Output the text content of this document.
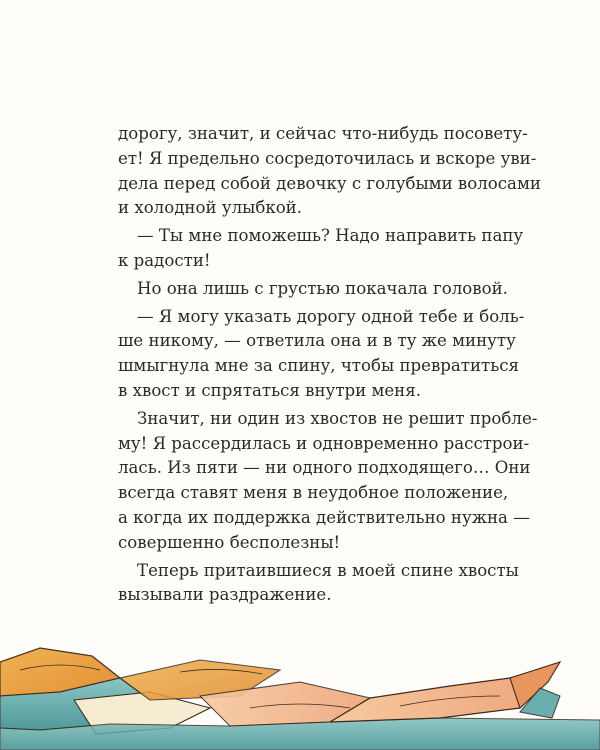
дорогу, значит, и сейчас что-нибудь посовету-
ет! Я предельно сосредоточилась и вскоре уви-
дела перед собой девочку с голубыми волосами
и холодной улыбкой.

— Ты мне поможешь? Надо направить папу
к радости!

Но она лишь с грустью покачала головой.

— Я могу указать дорогу одной тебе и боль-
ше никому, — ответила она и в ту же минуту
шмыгнула мне за спину, чтобы превратиться
в хвост и спрятаться внутри меня.

Значит, ни один из хвостов не решит пробле-
му! Я рассердилась и одновременно расстрои-
лась. Из пяти — ни одного подходящего… Они
всегда ставят меня в неудобное положение,
а когда их поддержка действительно нужна —
совершенно бесполезны!

Теперь притаившиеся в моей спине хвосты
вызывали раздражение.
